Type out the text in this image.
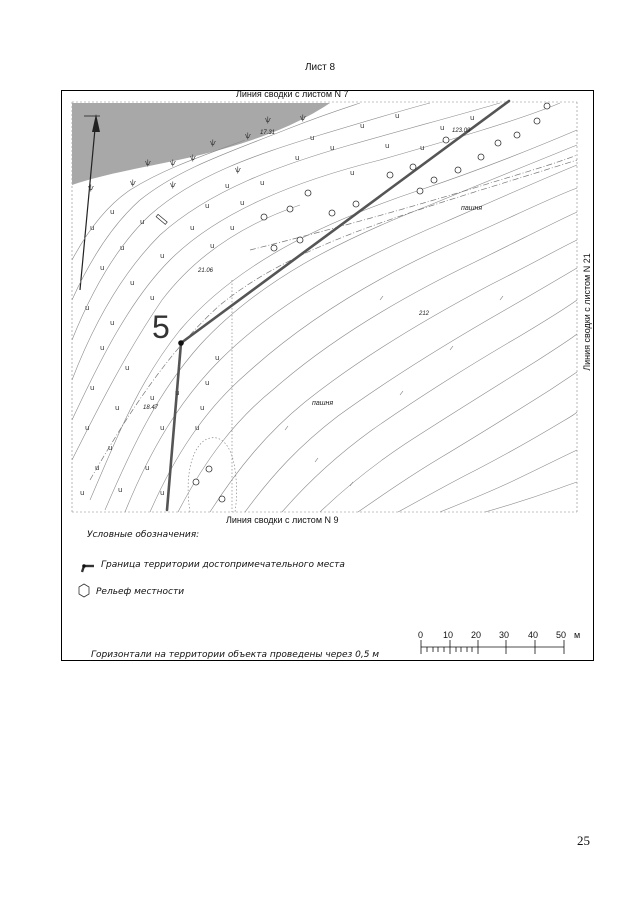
Лист 8
ѱ
ѱ	ѱ
ѱ
ѱ
ѱ	ѱ
ѱ
ѱ
ѱ
ѱ
u
u
u
u
u
u
u
u
u
u
u
u
u
u
u
u
u
u	u
u
u
u
u
u
u
u
u
u
u
u	u
u
u
u
u
u
u
u
u
u
u
u
u
u
u
Линия сводки с листом N 7
Линия сводки с листом N 9
Линия сводки с листом N 21
5
17.31
21.06
18.47
212
123.09
пашня
пашня
Условные обозначения:
Граница территории достопримечательного места
Рельеф местности
0 10 20 30 40 50 м
Горизонтали на территории объекта проведены через 0,5 м
25
